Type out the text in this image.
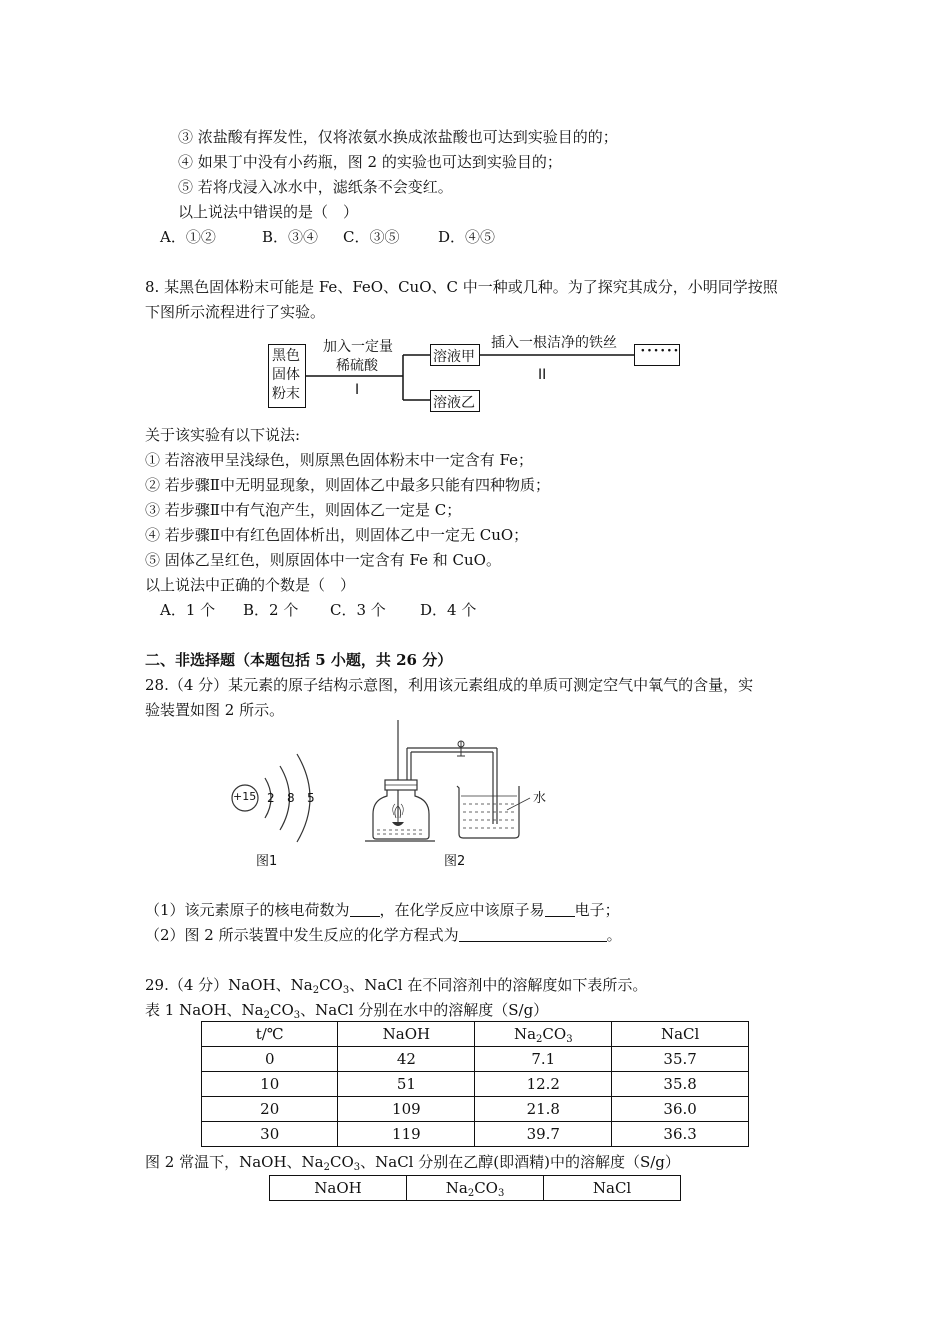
③ 浓盐酸有挥发性，仅将浓氨水换成浓盐酸也可达到实验目的的；
④ 如果丁中没有小药瓶，图 2 的实验也可达到实验目的；
⑤ 若将戊浸入冰水中，滤纸条不会变红。
以上说法中错误的是（　）
A．①②	B．③④ C．③⑤	D．④⑤
8. 某黑色固体粉末可能是 Fe、FeO、CuO、C 中一种或几种。为了探究其成分，小明同学按照
下图所示流程进行了实验。
黑色
固体
粉末
加入一定量
稀硫酸
I
溶液甲
溶液乙
插入一根洁净的铁丝
II
∙∙∙∙∙∙
关于该实验有以下说法:
① 若溶液甲呈浅绿色，则原黑色固体粉末中一定含有 Fe；
② 若步骤Ⅱ中无明显现象，则固体乙中最多只能有四种物质；
③ 若步骤Ⅱ中有气泡产生，则固体乙一定是 C；
④ 若步骤Ⅱ中有红色固体析出，则固体乙中一定无 CuO；
⑤ 固体乙呈红色，则原固体中一定含有 Fe 和 CuO。
以上说法中正确的个数是（　）
A．1 个 B．2 个 C．3 个 D．4 个
二、非选择题（本题包括 5 小题，共 26 分）
28.（4 分）某元素的原子结构示意图，利用该元素组成的单质可测定空气中氧气的含量，实
验装置如图 2 所示。
+15 2 8 5
图1
水
图2
（1）该元素原子的核电荷数为 ，在化学反应中该原子易 电子；
（2）图 2 所示装置中发生反应的化学方程式为	。
29.（4 分）NaOH、$Na_2CO_3$、NaCl 在不同溶剂中的溶解度如下表所示。
表 1 NaOH、$Na_2CO_3$、NaCl 分别在水中的溶解度（S/g）
t/℃	NaOH	$Na_2CO_3$	NaCl
0	42	7.1	35.7
10	51	12.2	35.8
20	109	21.8	36.0
30	119	39.7	36.3
图 2 常温下，NaOH、$Na_2CO_3$、NaCl 分别在乙醇(即酒精)中的溶解度（S/g）
NaOH	$Na_2CO_3$	NaCl
